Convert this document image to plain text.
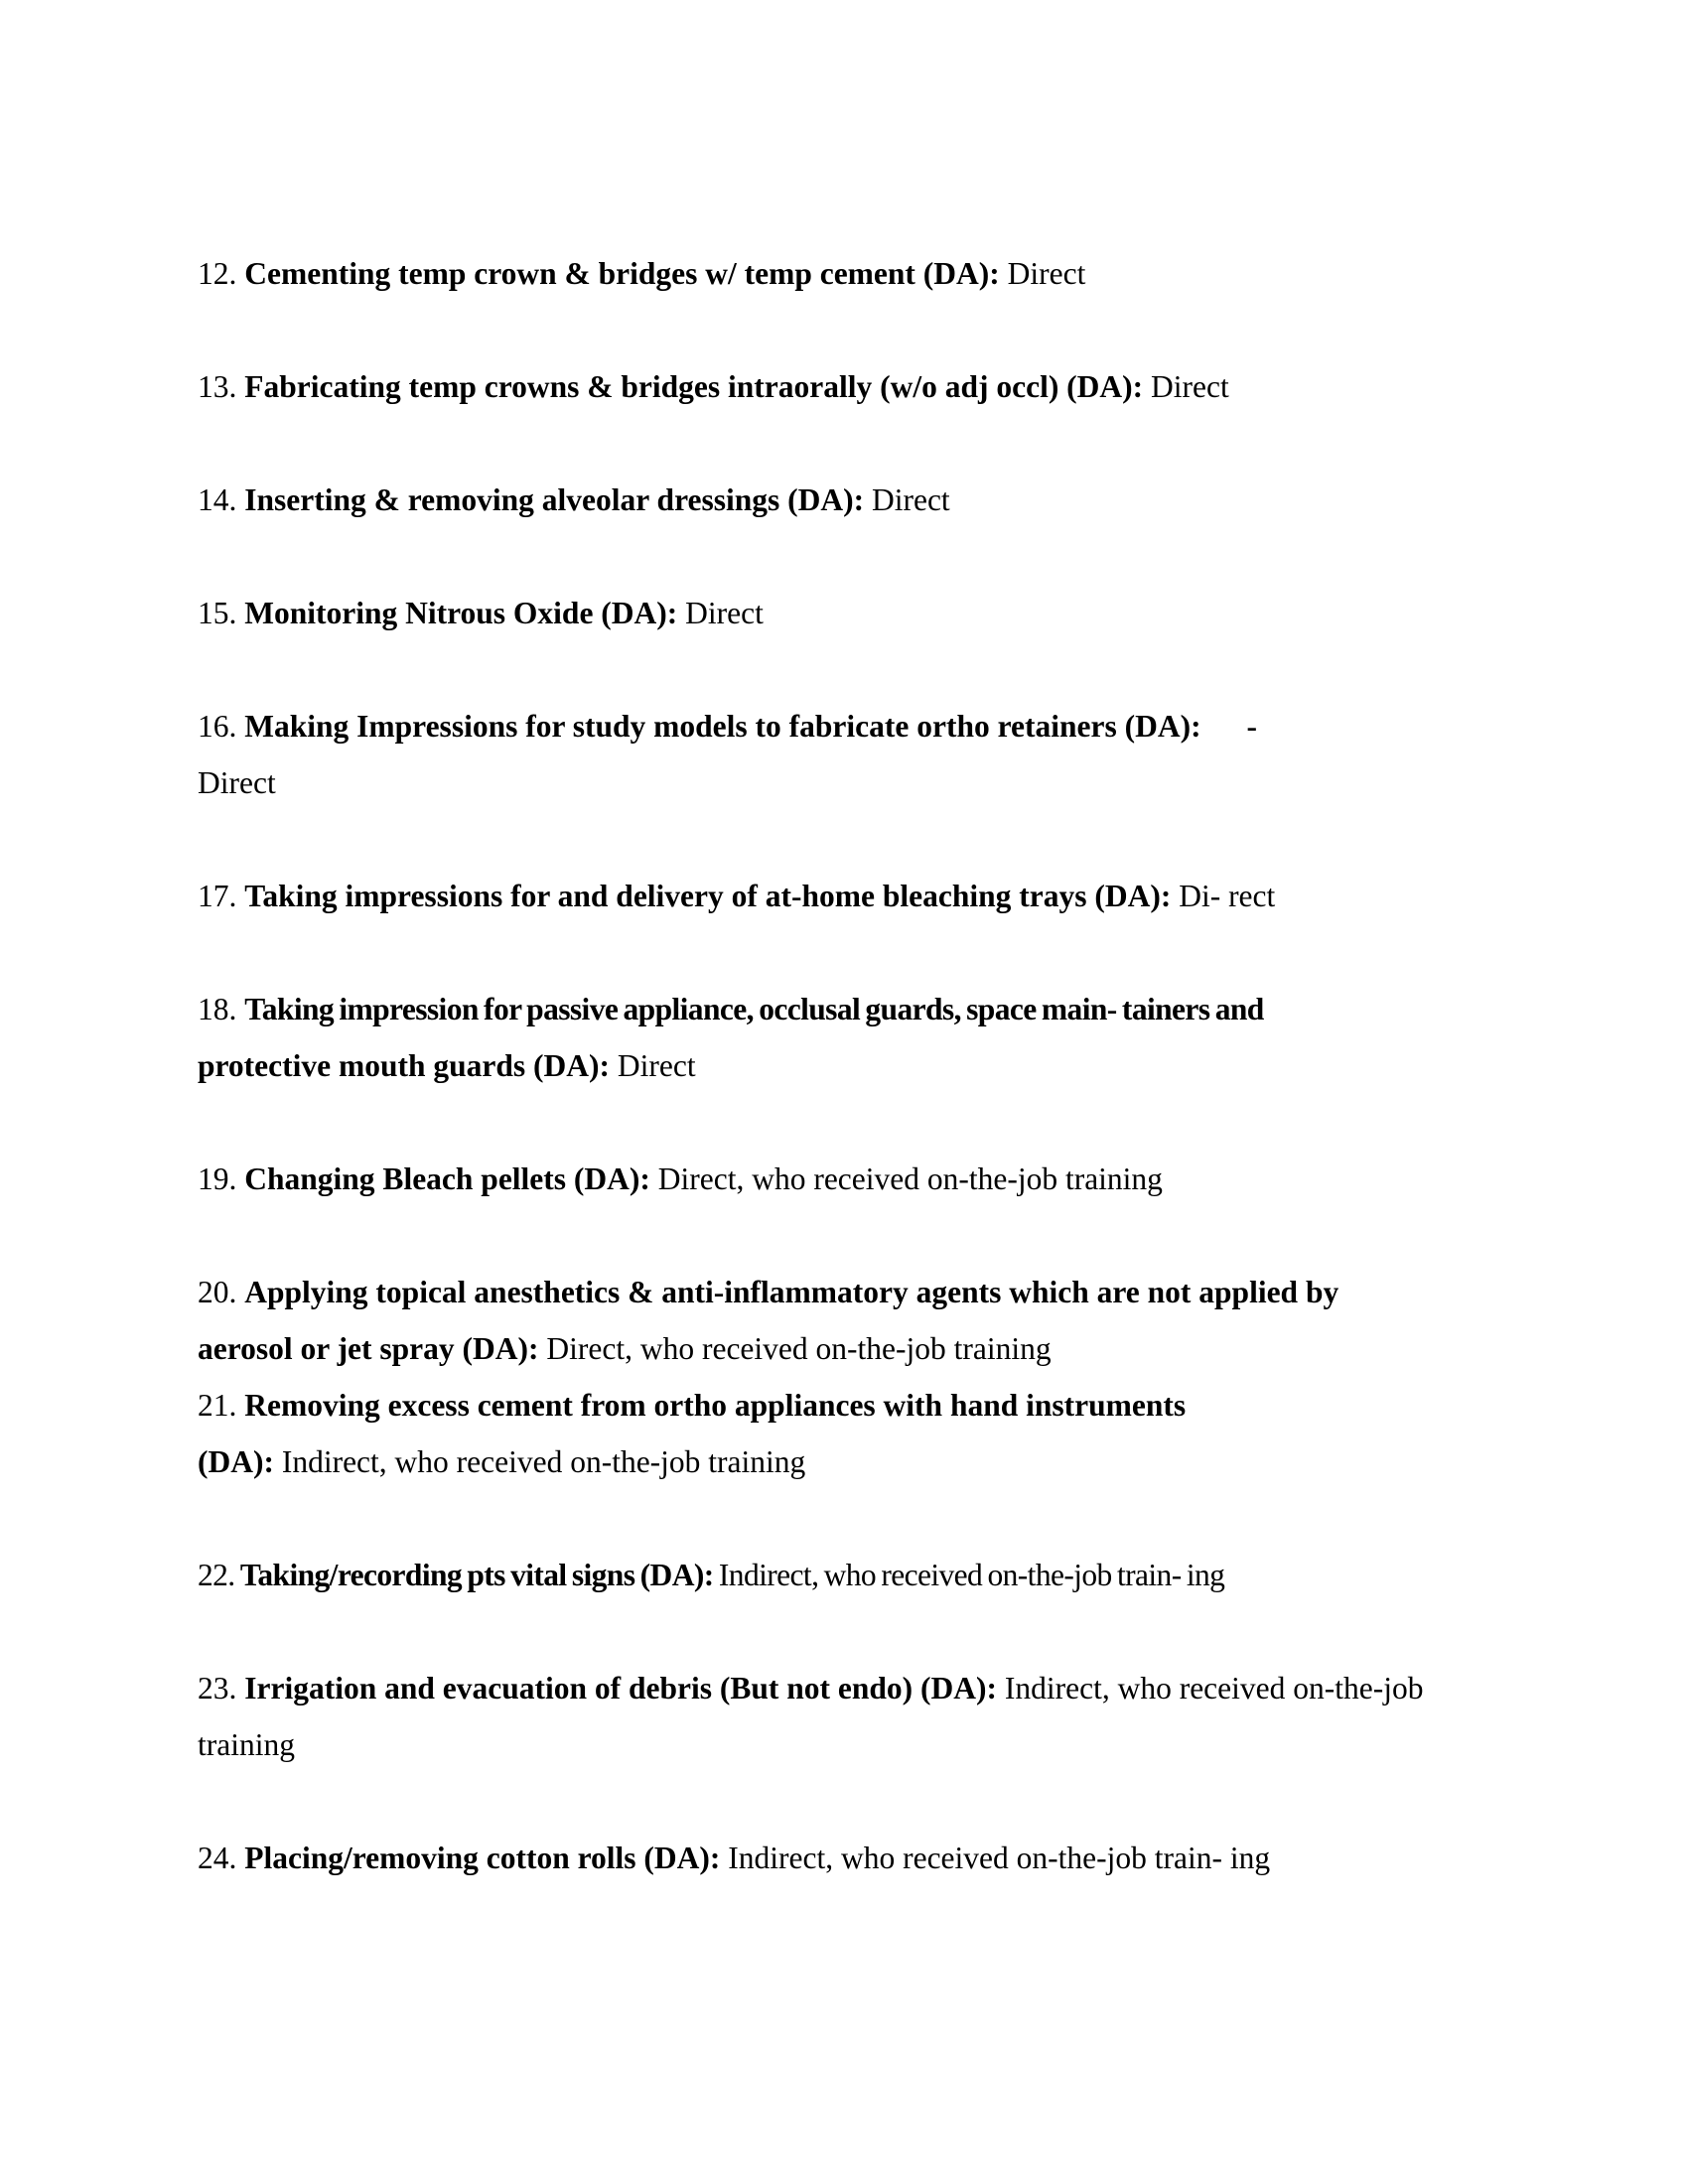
12. Cementing temp crown & bridges w/ temp cement (DA): Direct

13. Fabricating temp crowns & bridges intraorally (w/o adj occl) (DA): Direct

14. Inserting & removing alveolar dressings (DA): Direct

15. Monitoring Nitrous Oxide (DA): Direct

16. Making Impressions for study models to fabricate ortho retainers (DA): -
Direct

17. Taking impressions for and delivery of at-home bleaching trays (DA): Di- rect

18. Taking impression for passive appliance, occlusal guards, space main- tainers and
protective mouth guards (DA): Direct

19. Changing Bleach pellets (DA): Direct, who received on-the-job training

20. Applying topical anesthetics & anti-inflammatory agents which are not applied by
aerosol or jet spray (DA): Direct, who received on-the-job training
21. Removing excess cement from ortho appliances with hand instruments
(DA): Indirect, who received on-the-job training

22. Taking/recording pts vital signs (DA): Indirect, who received on-the-job train- ing

23. Irrigation and evacuation of debris (But not endo) (DA): Indirect, who received on-the-job
training

24. Placing/removing cotton rolls (DA): Indirect, who received on-the-job train- ing
